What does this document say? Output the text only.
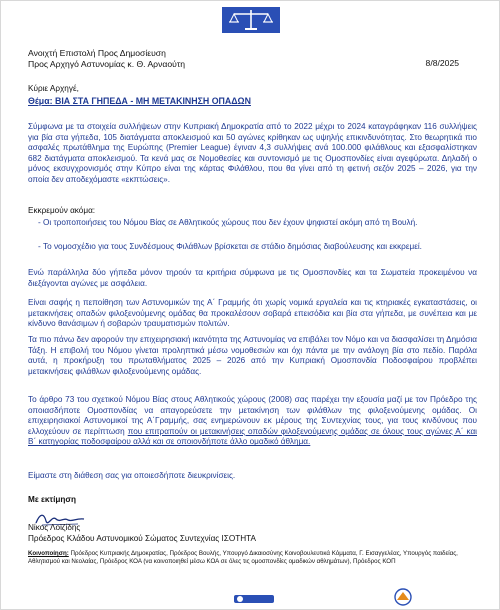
Ανοιχτή Επιστολή Προς Δημοσίευση
Προς Αρχηγό Αστυνομίας κ. Θ. Αρναούτη	8/8/2025
Κύριε Αρχηγέ,
Θέμα: ΒΙΑ ΣΤΑ ΓΗΠΕΔΑ - ΜΗ ΜΕΤΑΚΙΝΗΣΗ ΟΠΑΔΩΝ
Σύμφωνα με τα στοιχεία συλλήψεων στην Κυπριακή Δημοκρατία από το 2022 μέχρι το 2024 καταγράφηκαν 116 συλλήψεις για βία στα γήπεδα, 105 διατάγματα αποκλεισμού και 50 αγώνες κρίθηκαν ως υψηλής επικινδυνότητας. Στο θεωρητικά πιο ασφαλές πρωτάθλημα της Ευρώπης (Premier League) έγιναν 4,3 συλλήψεις ανά 100.000 φιλάθλους και εξασφαλίστηκαν 682 διατάγματα αποκλεισμού. Τα κενά μας σε Νομοθεσίες και συντονισμό με τις Ομοσπονδίες είναι αγεφύρωτα. Δηλαδή ο μόνος εκσυγχρονισμός στην Κύπρο είναι της κάρτας Φιλάθλου, που θα γίνει από τη φετινή σεζόν 2025 – 2026, για την οποία δεν αποδεχόμαστε «εκπτώσεις».
Εκκρεμούν ακόμα:
- Οι τροποποιήσεις του Νόμου Βίας σε Αθλητικούς χώρους που δεν έχουν ψηφιστεί ακόμη από τη Βουλή.
- Το νομοσχέδιο για τους Συνδέσμους Φιλάθλων βρίσκεται σε στάδιο δημόσιας διαβούλευσης και εκκρεμεί.
Ενώ παράλληλα δύο γήπεδα μόνον τηρούν τα κριτήρια σύμφωνα με τις Ομοσπονδίες και τα Σωματεία προκειμένου να διεξάγονται αγώνες με ασφάλεια.
Είναι σαφής η πεποίθηση των Αστυνομικών της Α΄ Γραμμής ότι χωρίς νομικά εργαλεία και τις κτηριακές εγκαταστάσεις, οι μετακινήσεις οπαδών φιλοξενούμενης ομάδας θα προκαλέσουν σοβαρά επεισόδια και βία στα γήπεδα, με συνέπεια και με κίνδυνο θανάσιμων ή σοβαρών τραυματισμών πολιτών.
Τα πιο πάνω δεν αφορούν την επιχειρησιακή ικανότητα της Αστυνομίας να επιβάλει τον Νόμο και να διασφαλίσει τη Δημόσια Τάξη. Η επιβολή του Νόμου γίνεται προληπτικά μέσω νομοθεσιών και όχι πάντα με την ανάλογη βία στο πεδίο. Παρόλα αυτά, η προκήρυξη του πρωταθλήματος 2025 – 2026 από την Κυπριακή Ομοσπονδία Ποδοσφαίρου προβλέπει μετακινήσεις φιλάθλων φιλοξενούμενης ομάδας.
Το άρθρο 73 του σχετικού Νόμου Βίας στους Αθλητικούς χώρους (2008) σας παρέχει την εξουσία μαζί με τον Πρόεδρο της οποιασδήποτε Ομοσπονδίας να απαγορεύσετε την μετακίνηση των φιλάθλων της φιλοξενούμενης ομάδας. Οι επιχειρησιακοί Αστυνομικοί της Α΄Γραμμής, σας ενημερώνουν εκ μέρους της Συντεχνίας τους, για τους κινδύνους που ελλοχεύουν σε περίπτωση που επιτραπούν οι μετακινήσεις οπαδών φιλοξενούμενης ομάδας σε όλους τους αγώνες Α΄ και Β΄ κατηγορίας ποδοσφαίρου αλλά και σε οποιονδήποτε άλλο ομαδικό άθλημα.
Είμαστε στη διάθεση σας για οποιεσδήποτε διευκρινίσεις.
Με εκτίμηση
Νίκος Λοϊζίδης
Πρόεδρος Κλάδου Αστυνομικού Σώματος Συντεχνίας ΙΣΟΤΗΤΑ
Κοινοποίηση: Πρόεδρος Κυπριακής Δημοκρατίας, Πρόεδρος Βουλής, Υπουργό Δικαιοσύνης Κοινοβουλευτικά Κόμματα, Γ. Εισαγγελέας, Υπουργός παιδείας, Αθλητισμού και Νεολαίας, Πρόεδρος ΚΟΑ (να κοινοποιηθεί μέσω ΚΟΑ σε όλες τις ομοσπονδίες ομαδικών αθλημάτων), Πρόεδρος ΚΟΠ
